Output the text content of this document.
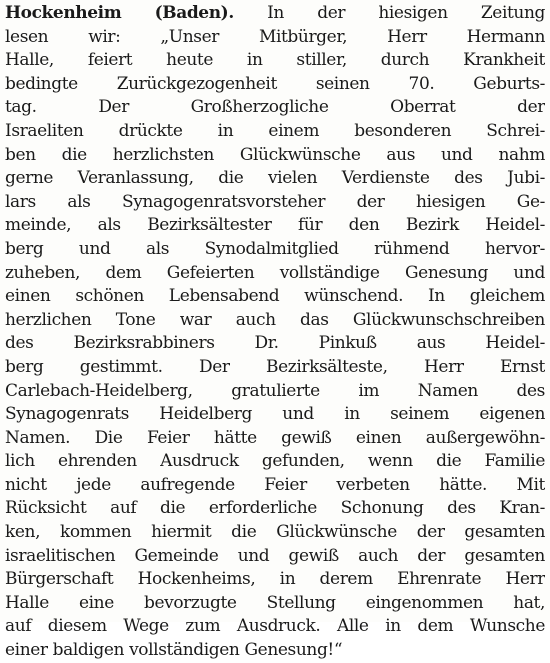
Hockenheim (Baden). In der hiesigen Zeitung
lesen wir: „Unser Mitbürger, Herr Hermann
Halle, feiert heute in stiller, durch Krankheit
bedingte Zurückgezogenheit seinen 70. Geburts-
tag. Der Großherzogliche Oberrat der
Israeliten drückte in einem besonderen Schrei-
ben die herzlichsten Glückwünsche aus und nahm
gerne Veranlassung, die vielen Verdienste des Jubi-
lars als Synagogenratsvorsteher der hiesigen Ge-
meinde, als Bezirksältester für den Bezirk Heidel-
berg und als Synodalmitglied rühmend hervor-
zuheben, dem Gefeierten vollständige Genesung und
einen schönen Lebensabend wünschend. In gleichem
herzlichen Tone war auch das Glückwunschschreiben
des Bezirksrabbiners Dr. Pinkuß aus Heidel-
berg gestimmt. Der Bezirksälteste, Herr Ernst
Carlebach-Heidelberg, gratulierte im Namen des
Synagogenrats Heidelberg und in seinem eigenen
Namen. Die Feier hätte gewiß einen außergewöhn-
lich ehrenden Ausdruck gefunden, wenn die Familie
nicht jede aufregende Feier verbeten hätte. Mit
Rücksicht auf die erforderliche Schonung des Kran-
ken, kommen hiermit die Glückwünsche der gesamten
israelitischen Gemeinde und gewiß auch der gesamten
Bürgerschaft Hockenheims, in derem Ehrenrate Herr
Halle eine bevorzugte Stellung eingenommen hat,
auf diesem Wege zum Ausdruck. Alle in dem Wunsche
einer baldigen vollständigen Genesung!“
